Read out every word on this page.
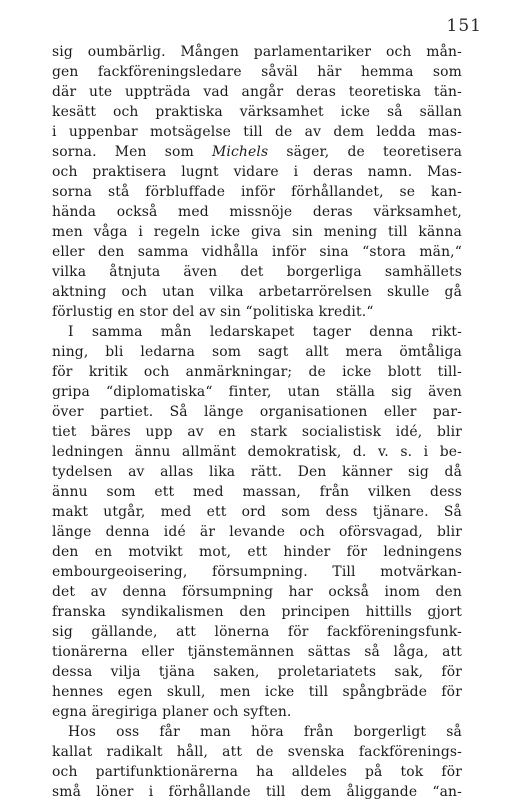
151
sig oumbärlig. Mången parlamentariker och mån-
gen fackföreningsledare såväl här hemma som
där ute uppträda vad angår deras teoretiska tän-
kesätt och praktiska värksamhet icke så sällan
i uppenbar motsägelse till de av dem ledda mas-
sorna. Men som Michels säger, de teoretisera
och praktisera lugnt vidare i deras namn. Mas-
sorna stå förbluffade inför förhållandet, se kan-
hända också med missnöje deras värksamhet,
men våga i regeln icke giva sin mening till känna
eller den samma vidhålla inför sina “stora män,“
vilka åtnjuta även det borgerliga samhällets
aktning och utan vilka arbetarrörelsen skulle gå
förlustig en stor del av sin “politiska kredit.“
I samma mån ledarskapet tager denna rikt-
ning, bli ledarna som sagt allt mera ömtåliga
för kritik och anmärkningar; de icke blott till-
gripa “diplomatiska“ finter, utan ställa sig även
över partiet. Så länge organisationen eller par-
tiet bäres upp av en stark socialistisk idé, blir
ledningen ännu allmänt demokratisk, d. v. s. i be-
tydelsen av allas lika rätt. Den känner sig då
ännu som ett med massan, från vilken dess
makt utgår, med ett ord som dess tjänare. Så
länge denna idé är levande och oförsvagad, blir
den en motvikt mot, ett hinder för ledningens
embourgeoisering, försumpning. Till motvärkan-
det av denna försumpning har också inom den
franska syndikalismen den principen hittills gjort
sig gällande, att lönerna för fackföreningsfunk-
tionärerna eller tjänstemännen sättas så låga, att
dessa vilja tjäna saken, proletariatets sak, för
hennes egen skull, men icke till spångbräde för
egna äregiriga planer och syften.
Hos oss får man höra från borgerligt så
kallat radikalt håll, att de svenska fackförenings-
och partifunktionärerna ha alldeles på tok för
små löner i förhållande till dem åliggande “an-
